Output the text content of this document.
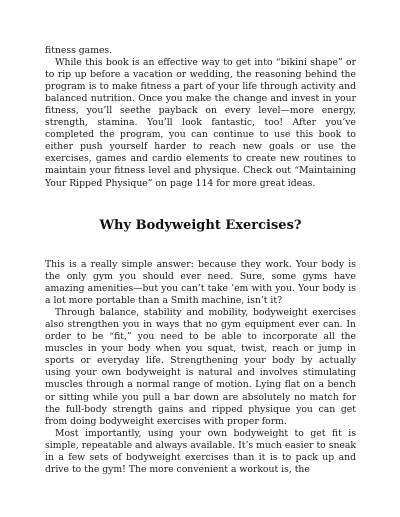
fitness games.

While this book is an effective way to get into “bikini shape” or to rip up before a vacation or wedding, the reasoning behind the program is to make fitness a part of your life through activity and balanced nutrition. Once you make the change and invest in your fitness, you’ll seethe payback on every level—more energy, strength, stamina. You’ll look fantastic, too! After you’ve completed the program, you can continue to use this book to either push yourself harder to reach new goals or use the exercises, games and cardio elements to create new routines to maintain your fitness level and physique. Check out “Maintaining Your Ripped Physique” on page 114 for more great ideas.

Why Bodyweight Exercises?

This is a really simple answer: because they work. Your body is the only gym you should ever need. Sure, some gyms have amazing amenities—but you can’t take ’em with you. Your body is a lot more portable than a Smith machine, isn’t it?

Through balance, stability and mobility, bodyweight exercises also strengthen you in ways that no gym equipment ever can. In order to be “fit,” you need to be able to incorporate all the muscles in your body when you squat, twist, reach or jump in sports or everyday life. Strengthening your body by actually using your own bodyweight is natural and involves stimulating muscles through a normal range of motion. Lying flat on a bench or sitting while you pull a bar down are absolutely no match for the full-body strength gains and ripped physique you can get from doing bodyweight exercises with proper form.

Most importantly, using your own bodyweight to get fit is simple, repeatable and always available. It’s much easier to sneak in a few sets of bodyweight exercises than it is to pack up and drive to the gym! The more convenient a workout is, the
